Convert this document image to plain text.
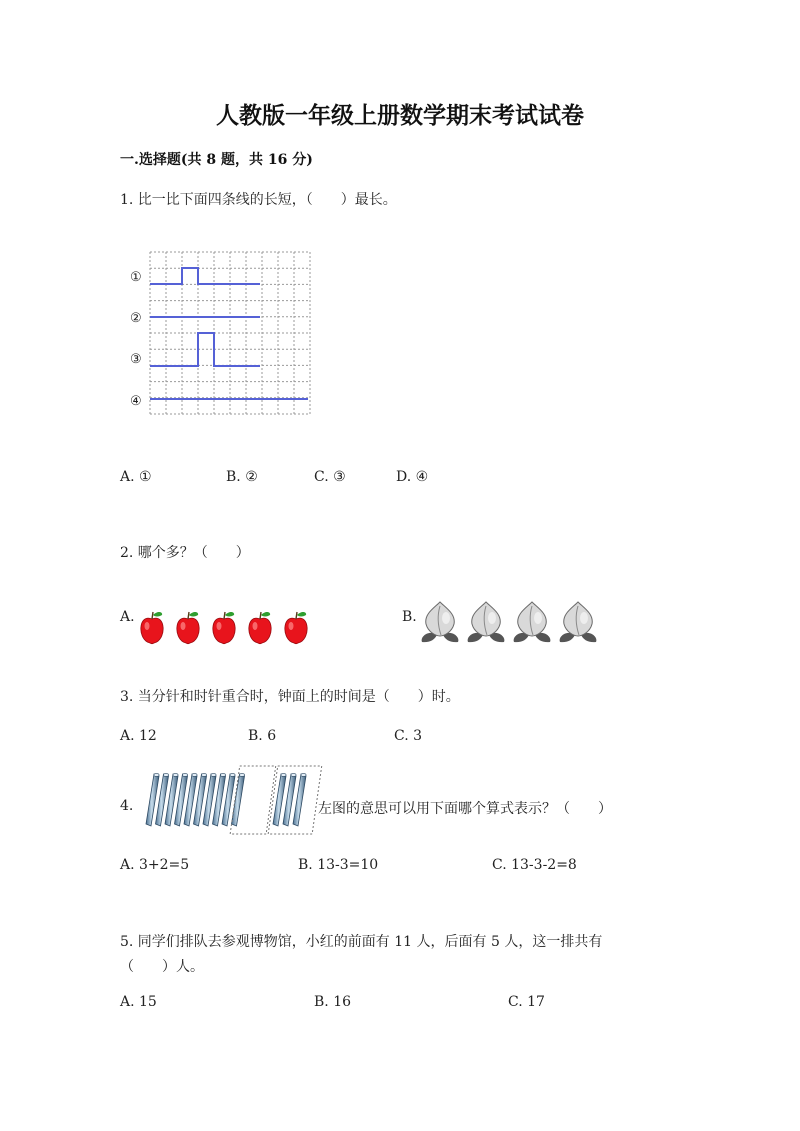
人教版一年级上册数学期末考试试卷
一.选择题(共 8 题，共 16 分)
1. 比一比下面四条线的长短，（　　）最长。
①
②
③
④
A. ①	B. ②	C. ③	D. ④
2. 哪个多？（　　）
A.	B.
3. 当分针和时针重合时，钟面上的时间是（　　）时。
A. 12	B. 6	C. 3
4.	左图的意思可以用下面哪个算式表示？（　　）
A. 3+2=5	B. 13-3=10	C. 13-3-2=8
5. 同学们排队去参观博物馆，小红的前面有 11 人，后面有 5 人，这一排共有
（　　）人。
A. 15	B. 16	C. 17
